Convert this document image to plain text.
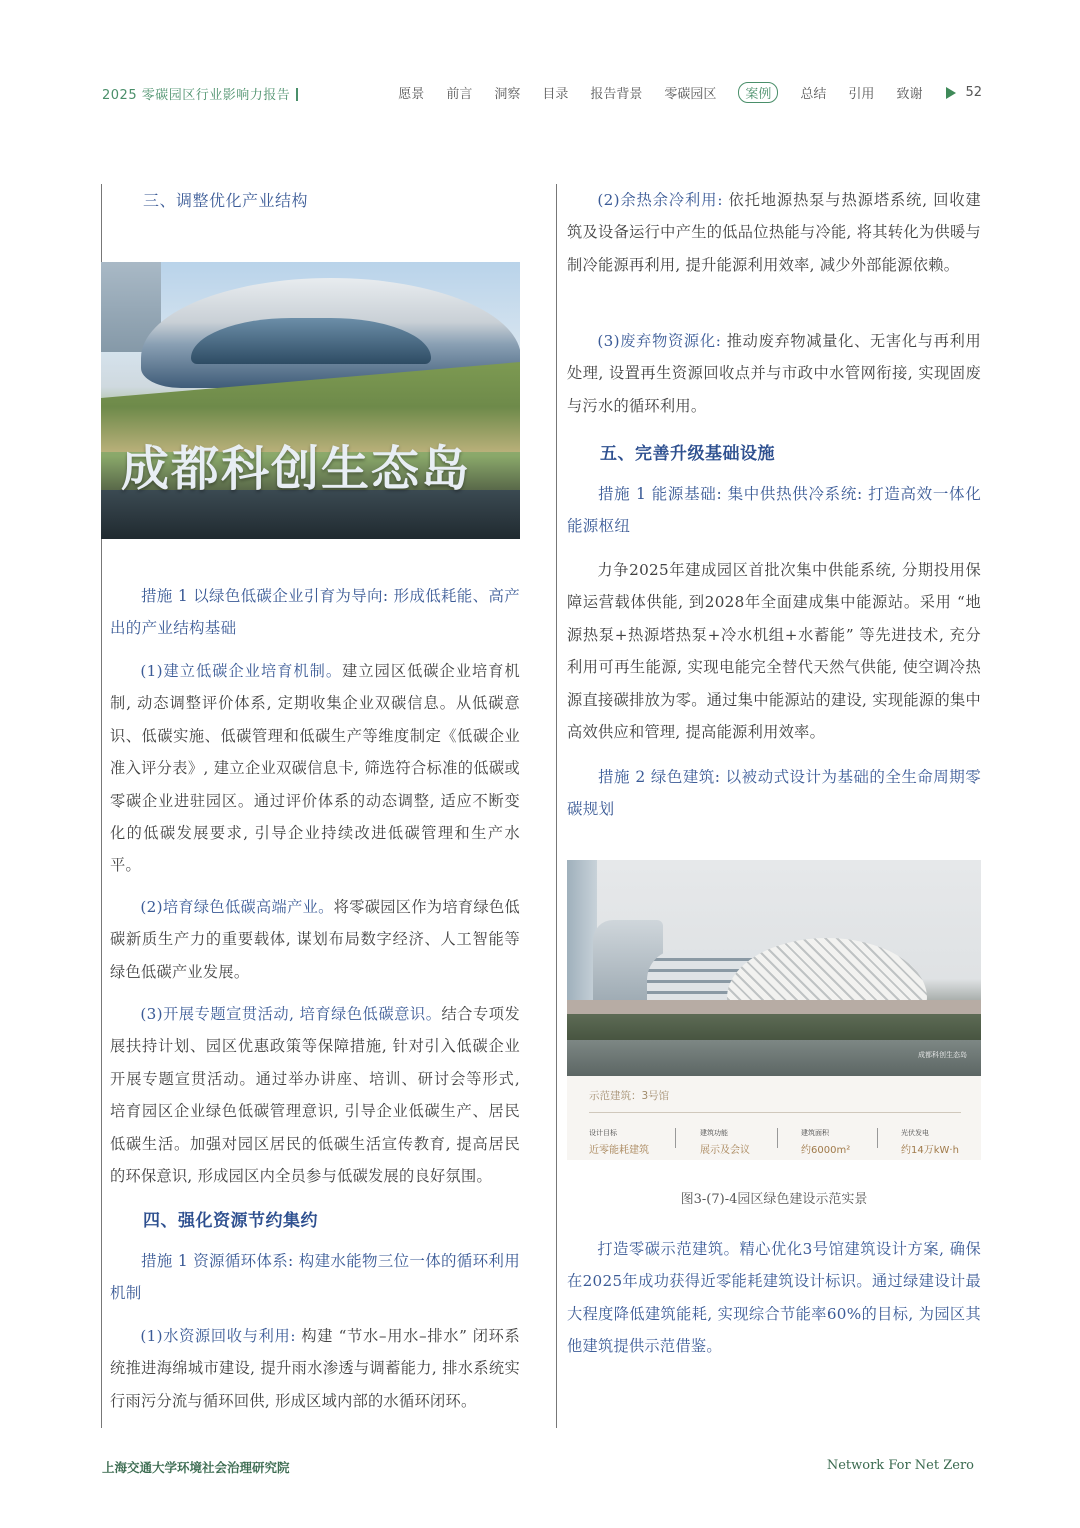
2025 零碳园区行业影响力报告	愿景 前言 洞察 目录 报告背景 零碳园区	案例	总结 引用 致谢	52
三、调整优化产业结构
成都科创生态岛
措施 1 以绿色低碳企业引育为导向: 形成低耗能、高产出的产业结构基础
(1)建立低碳企业培育机制。建立园区低碳企业培育机制, 动态调整评价体系, 定期收集企业双碳信息。从低碳意识、低碳实施、低碳管理和低碳生产等维度制定《低碳企业准入评分表》, 建立企业双碳信息卡, 筛选符合标准的低碳或零碳企业进驻园区。通过评价体系的动态调整, 适应不断变化的低碳发展要求, 引导企业持续改进低碳管理和生产水平。
(2)培育绿色低碳高端产业。将零碳园区作为培育绿色低碳新质生产力的重要载体, 谋划布局数字经济、人工智能等绿色低碳产业发展。
(3)开展专题宣贯活动, 培育绿色低碳意识。结合专项发展扶持计划、园区优惠政策等保障措施, 针对引入低碳企业开展专题宣贯活动。通过举办讲座、培训、研讨会等形式, 培育园区企业绿色低碳管理意识, 引导企业低碳生产、居民低碳生活。加强对园区居民的低碳生活宣传教育, 提高居民的环保意识, 形成园区内全员参与低碳发展的良好氛围。
四、强化资源节约集约
措施 1 资源循环体系: 构建水能物三位一体的循环利用机制
(1)水资源回收与利用: 构建 “节水–用水–排水” 闭环系统推进海绵城市建设, 提升雨水渗透与调蓄能力, 排水系统实行雨污分流与循环回供, 形成区域内部的水循环闭环。
(2)余热余冷利用: 依托地源热泵与热源塔系统, 回收建筑及设备运行中产生的低品位热能与冷能, 将其转化为供暖与制冷能源再利用, 提升能源利用效率, 减少外部能源依赖。
(3)废弃物资源化: 推动废弃物减量化、无害化与再利用处理, 设置再生资源回收点并与市政中水管网衔接, 实现固废与污水的循环利用。
五、完善升级基础设施
措施 1 能源基础: 集中供热供冷系统: 打造高效一体化能源枢纽
力争2025年建成园区首批次集中供能系统, 分期投用保障运营载体供能, 到2028年全面建成集中能源站。采用 “地源热泵+热源塔热泵+冷水机组+水蓄能” 等先进技术, 充分利用可再生能源, 实现电能完全替代天然气供能, 使空调冷热源直接碳排放为零。通过集中能源站的建设, 实现能源的集中高效供应和管理, 提高能源利用效率。
措施 2 绿色建筑: 以被动式设计为基础的全生命周期零碳规划
成都科创生态岛
示范建筑：3号馆
设计目标
近零能耗建筑
建筑功能
展示及会议
建筑面积
约6000m²
光伏发电
约14万kW·h
图3-(7)-4园区绿色建设示范实景
打造零碳示范建筑。精心优化3号馆建筑设计方案, 确保在2025年成功获得近零能耗建筑设计标识。通过绿建设计最大程度降低建筑能耗, 实现综合节能率60%的目标, 为园区其他建筑提供示范借鉴。
上海交通大学环境社会治理研究院	Network For Net Zero
